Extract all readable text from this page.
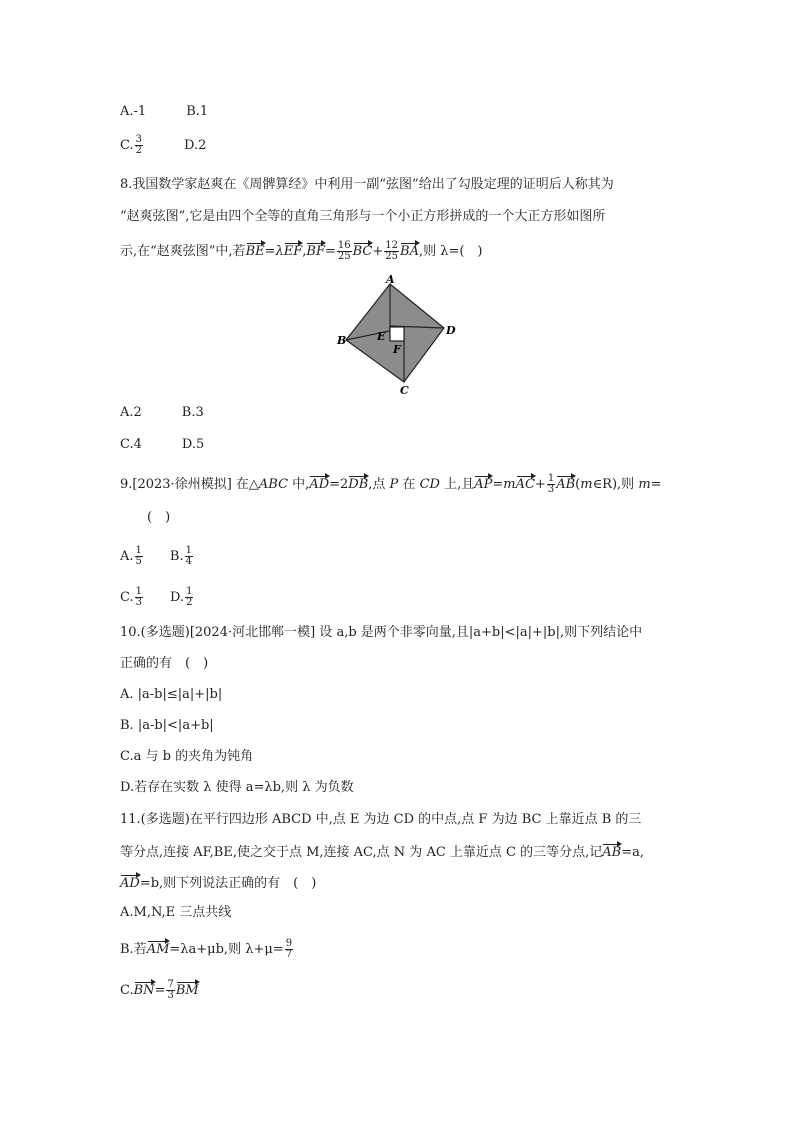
A.-1	B.1
C. $\frac{3}{2}$	D.2
8.我国数学家赵爽在《周髀算经》中利用一副“弦图”给出了勾股定理的证明后人称其为
“赵爽弦图”,它是由四个全等的直角三角形与一个小正方形拼成的一个大正方形如图所
示,在“赵爽弦图”中,若$BE=\lambda EF,BF= \frac{16}{25} BC+ \frac{12}{25}$ BA,则 λ=(　)
A
B
C
D
E
F
A.2	B.3
C.4	D.5
9.[2023·徐州模拟] 在△ABC 中,AD=2DB,点 P 在 CD 上,且$AP=mAC+ \frac{1}{3}$ AB(m∈R),则 m=
(　)
A. $\frac{1}{5} B$. $\frac{1}{4}$
C. $\frac{1}{3} D$. $\frac{1}{2}$
10.(多选题)[2024·河北邯郸一模] 设 a,b 是两个非零向量,且|a+b|<|a|+|b|,则下列结论中
正确的有　(　)
A. |a-b|≤|a|+|b|
B. |a-b|<|a+b|
C.a 与 b 的夹角为钝角
D.若存在实数 λ 使得 a=λb,则 λ 为负数
11.(多选题)在平行四边形 ABCD 中,点 E 为边 CD 的中点,点 F 为边 BC 上靠近点 B 的三
等分点,连接 AF,BE,使之交于点 M,连接 AC,点 N 为 AC 上靠近点 C 的三等分点,记AB=a,
AD=b,则下列说法正确的有　(　)
A.M,N,E 三点共线
B.若AM=λa+μb,则 $\lambda+\mu= \frac{9}{7}$
$C.BN= \frac{7}{3}$ BM
